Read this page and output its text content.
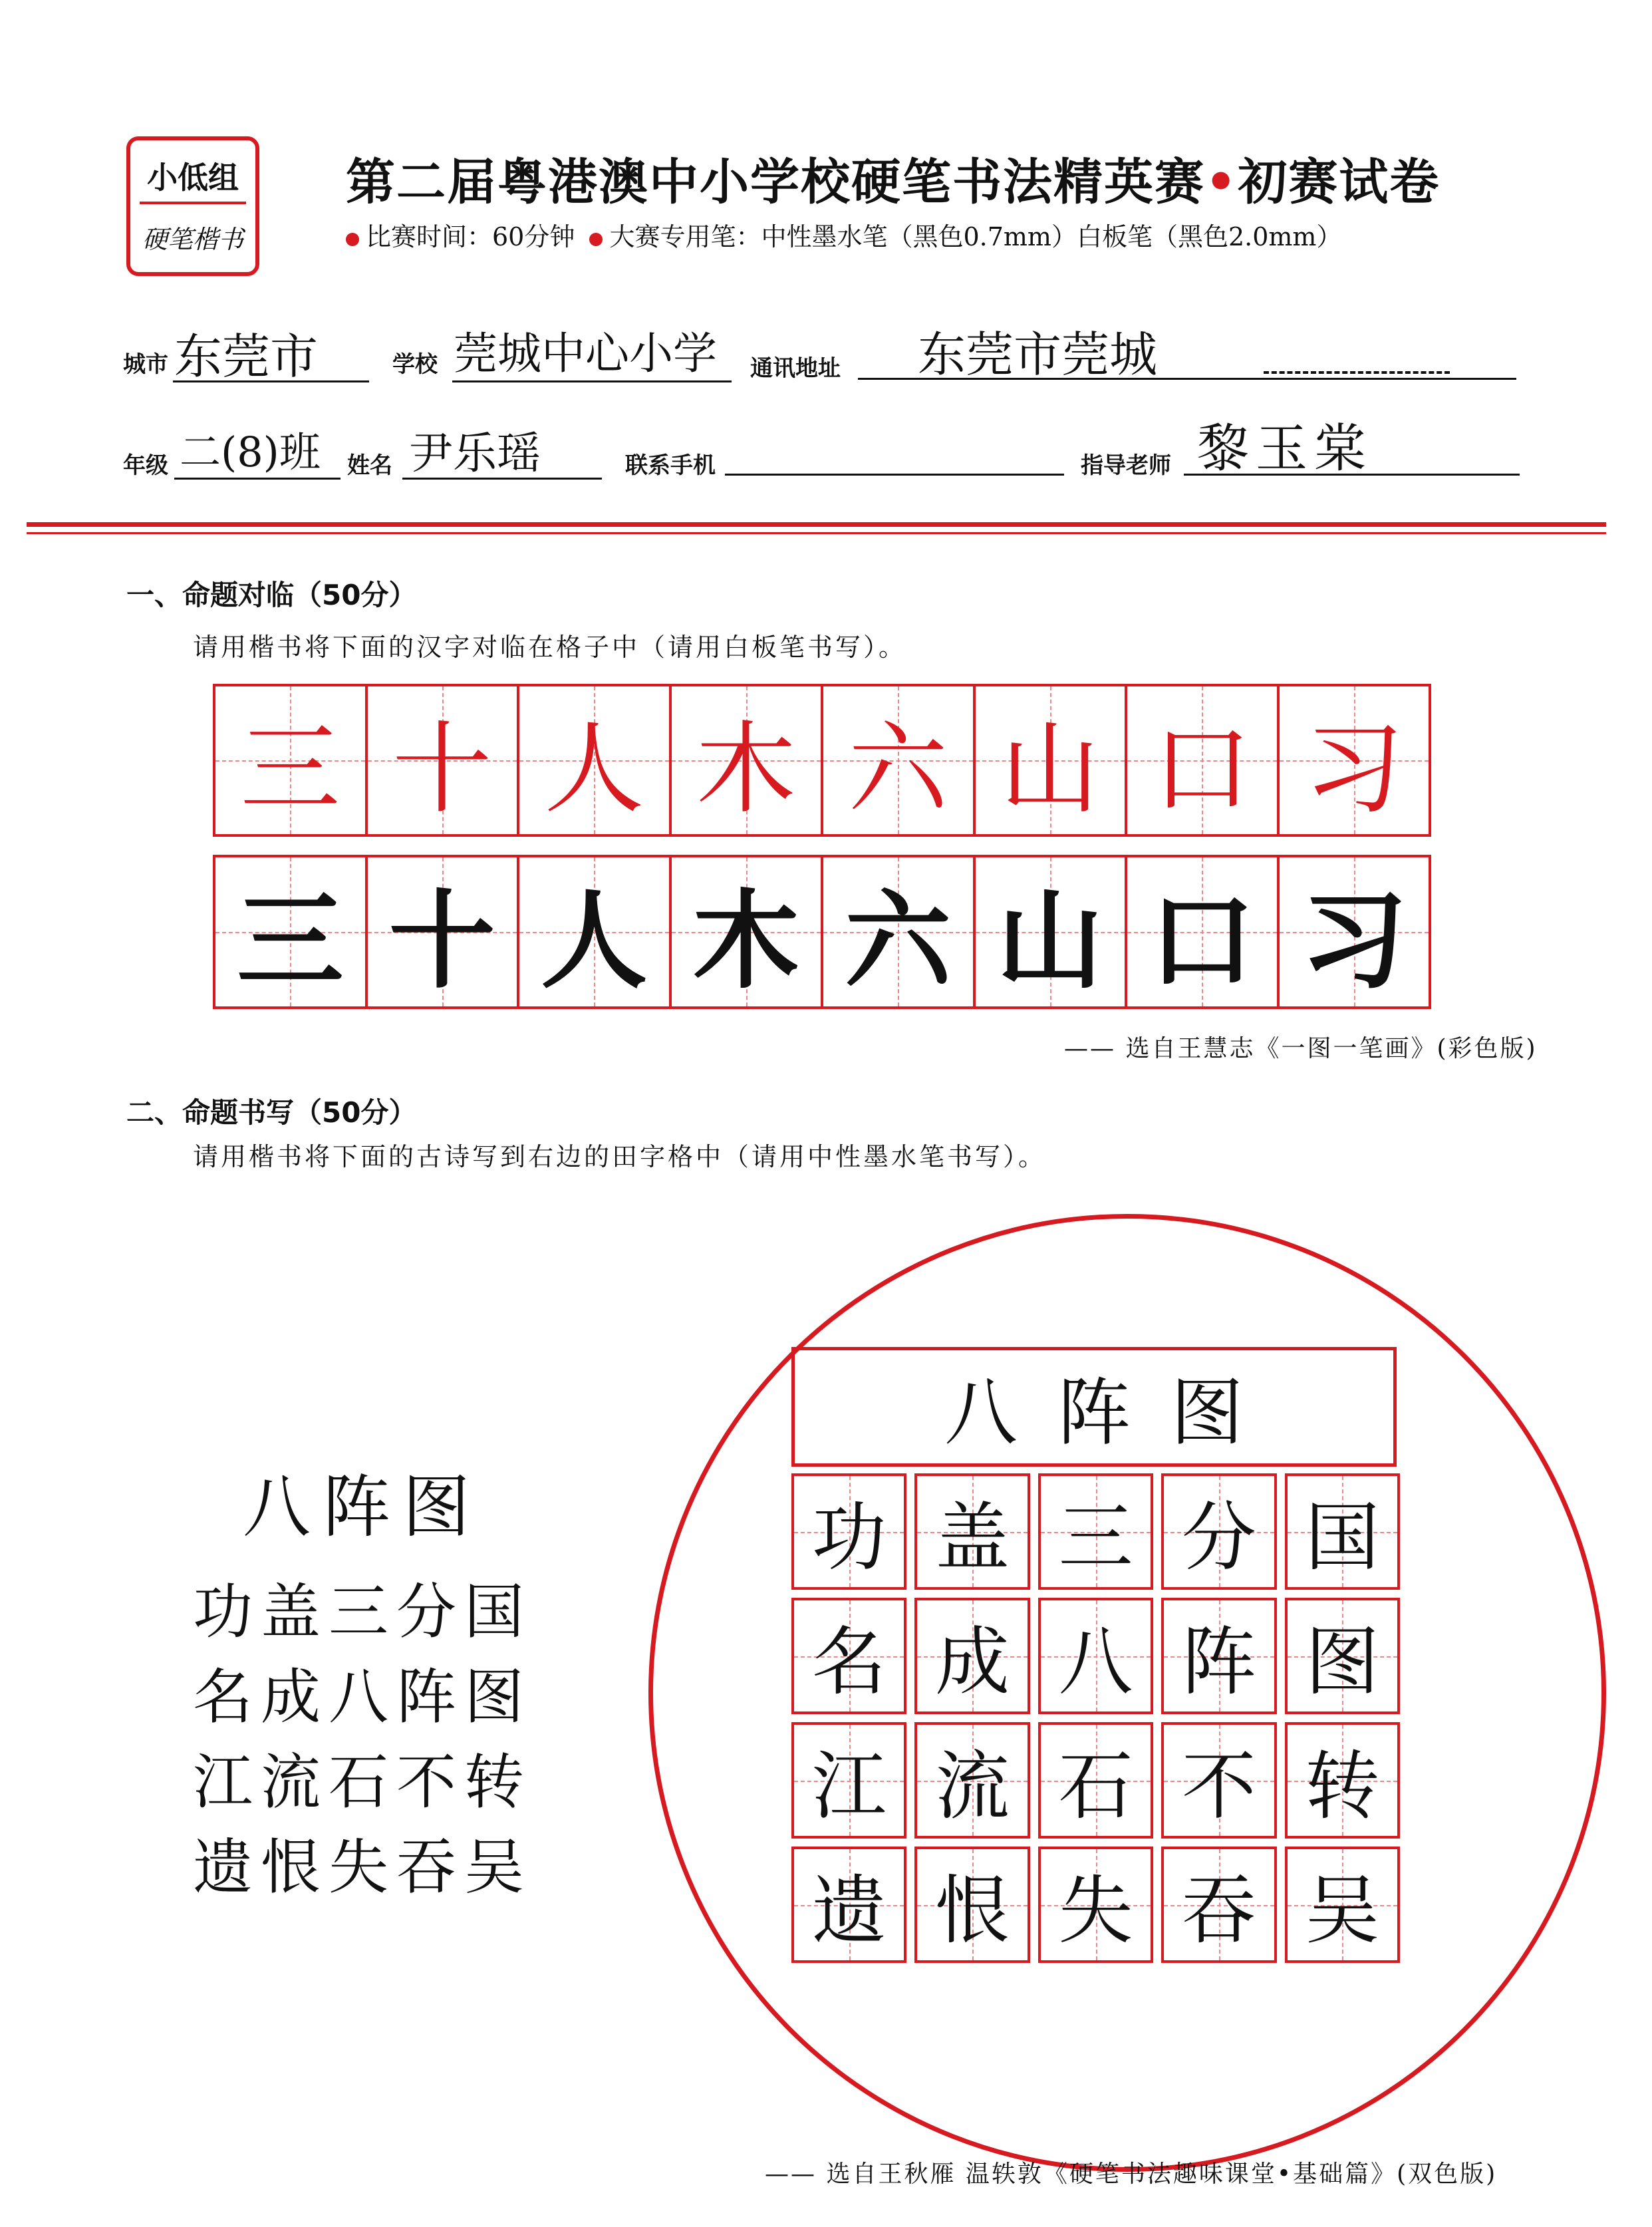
小低组
硬笔楷书
第二届粤港澳中小学校硬笔书法精英赛•初赛试卷
比赛时间：60分钟 大赛专用笔：中性墨水笔（黑色0.7mm）白板笔（黑色2.0mm）
城市 东莞市	学校 莞城中心小学 通讯地址 东莞市莞城
年级 二(8)班 姓名 尹乐瑶	联系手机	指导老师 黎玉棠
一、命题对临（50分）
请用楷书将下面的汉字对临在格子中（请用白板笔书写）。
三 十 人 木 六 山 口 习
三 十 人 木 六 山 口 习
—— 选自王慧志《一图一笔画》(彩色版)
二、命题书写（50分）
请用楷书将下面的古诗写到右边的田字格中（请用中性墨水笔书写）。
八阵图
功盖三分国
名成八阵图
江流石不转
遗恨失吞吴
八阵图
功 盖 三 分 国
名 成 八 阵 图
江 流 石 不 转
遗 恨 失 吞 吴
—— 选自王秋雁 温轶敦《硬笔书法趣味课堂•基础篇》(双色版)
